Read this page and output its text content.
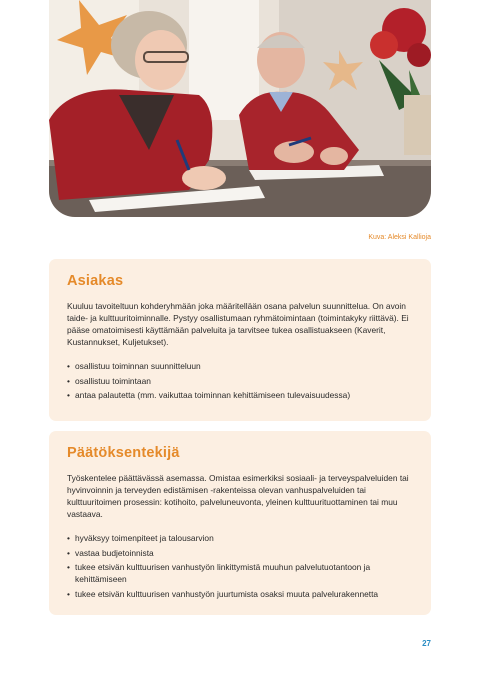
Kuva: Aleksi Kallioja
Asiakas

Kuuluu tavoiteltuun kohderyhmään joka määritellään osana palvelun suunnittelua. On avoin taide- ja kulttuuritoiminnalle. Pystyy osallistumaan ryhmätoimintaan (toimintakyky riittävä). Ei pääse omatoimisesti käyttämään palveluita ja tarvitsee tukea osallistuakseen (Kaverit, Kustannukset, Kuljetukset).

• osallistuu toiminnan suunnitteluun
• osallistuu toimintaan
• antaa palautetta (mm. vaikuttaa toiminnan kehittämiseen tulevaisuudessa)
Päätöksentekijä

Työskentelee päättävässä asemassa. Omistaa esimerkiksi sosiaali- ja terveyspalveluiden tai hyvinvoinnin ja terveyden edistämisen -rakenteissa olevan vanhuspalveluiden tai kulttuuritoimen prosessin: kotihoito, palveluneuvonta, yleinen kulttuurituottaminen tai muu vastaava.

• hyväksyy toimenpiteet ja talousarvion
• vastaa budjetoinnista
• tukee etsivän kulttuurisen vanhustyön linkittymistä muuhun palvelutuotantoon ja kehittämiseen
• tukee etsivän kulttuurisen vanhustyön juurtumista osaksi muuta palvelurakennetta
27
